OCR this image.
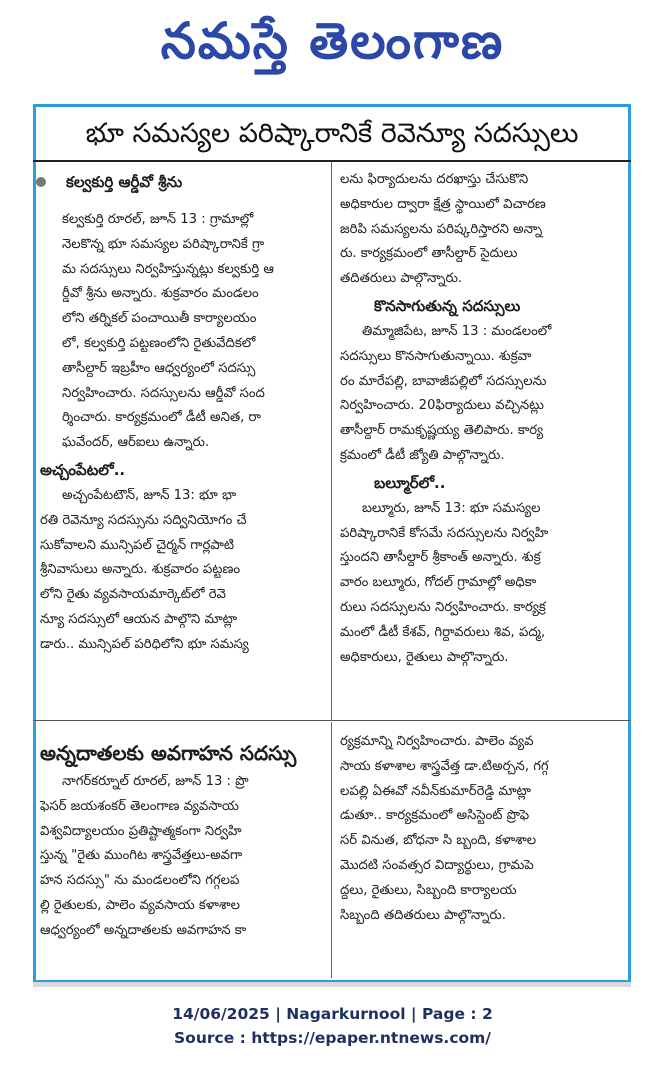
నమస్తే తెలంగాణ
భూ సమస్యల పరిష్కారానికే రెవెన్యూ సదస్సులు
కల్వకుర్తి ఆర్డీవో శ్రీను

కల్వకుర్తి రూరల్‌, జూన్‌ 13 : గ్రామాల్లో

నెలకొన్న భూ సమస్యల పరిష్కారానికే గ్రా

మ సదస్సులు నిర్వహిస్తున్నట్లు కల్వకుర్తి ఆ

ర్డీవో శ్రీను అన్నారు. శుక్రవారం మండలం

లోని తర్నికల్‌ పంచాయితీ కార్యాలయం

లో, కల్వకుర్తి పట్టణంలోని రైతువేదికలో

తాసీల్దార్‌ ఇబ్రహీం ఆధ్వర్యంలో సదస్సు

నిర్వహించారు. సదస్సులను ఆర్డీవో సంద

ర్శించారు. కార్యక్రమంలో డీటీ అనిత, రా

ఘవేందర్‌, ఆర్‌ఐలు ఉన్నారు.

అచ్చంపేటలో..

అచ్చంపేటటౌన్‌, జూన్‌ 13: భూ భా

రతి రెవెన్యూ సదస్సును సద్వినియోగం చే

సుకోవాలని మున్సిపల్‌ చైర్మన్‌ గార్లపాటి

శ్రీనివాసులు అన్నారు. శుక్రవారం పట్టణం

లోని రైతు వ్యవసాయమార్కెట్‌లో రెవె

న్యూ సదస్సులో ఆయన పాల్గొని మాట్లా

డారు.. మున్సిపల్‌ పరిధిలోని భూ సమస్య

లను ఫిర్యాదులను దరఖాస్తు చేసుకొని

అధికారుల ద్వారా క్షేత్ర స్థాయిలో విచారణ

జరిపి సమస్యలను పరిష్కరిస్తారని అన్నా

రు. కార్యక్రమంలో తాసీల్దార్‌ సైదులు

తదితరులు పాల్గొన్నారు.

కొనసాగుతున్న సదస్సులు

తిమ్మాజిపేట, జూన్‌ 13 : మండలంలో

సదస్సులు కొనసాగుతున్నాయి. శుక్రవా

రం మారేపల్లి, బావాజీపల్లిలో సదస్సులను

నిర్వహించారు. 20ఫిర్యాదులు వచ్చినట్లు

తాసీల్దార్‌ రామకృష్ణయ్య తెలిపారు. కార్య

క్రమంలో డీటీ జ్యోతి పాల్గొన్నారు.

బల్మూర్‌లో..

బల్మూరు, జూన్‌ 13: భూ సమస్యల

పరిష్కారానికే కోసమే సదస్సులను నిర్వహి

స్తుందని తాసీల్దార్‌ శ్రీకాంత్‌ అన్నారు. శుక్ర

వారం బల్మూరు, గోదల్‌ గ్రామాల్లో అధికా

రులు సదస్సులను నిర్వహించారు. కార్యక్ర

మంలో డీటీ కేశవ్‌, గిర్దావరులు శివ, పద్మ,

అధికారులు, రైతులు పాల్గొన్నారు.

అన్నదాతలకు అవగాహన సదస్సు

నాగర్‌కర్నూల్‌ రూరల్‌, జూన్‌ 13 : ప్రొ

ఫెసర్‌ జయశంకర్‌ తెలంగాణ వ్యవసాయ

విశ్వవిద్యాలయం ప్రతిష్టాత్మకంగా నిర్వహి

స్తున్న "రైతు ముంగిట శాస్త్రవేత్తలు-అవగా

హన సదస్సు" ను మండలంలోని గగ్గలప

ల్లి రైతులకు, పాలెం వ్యవసాయ కళాశాల

ఆధ్వర్యంలో అన్నదాతలకు అవగాహన కా

ర్యక్రమాన్ని నిర్వహించారు. పాలెం వ్యవ

సాయ కళాశాల శాస్త్రవేత్త డా.టిఅర్చన, గగ్గ

లపల్లి ఏఈవో నవీన్‌కుమార్‌రెడ్డి మాట్లా

డుతూ.. కార్యక్రమంలో అసిస్టెంట్‌ ప్రొఫె

సర్‌ వినుత, బోధనా సి బ్బంది, కళాశాల

మొదటి సంవత్సర విద్యార్థులు, గ్రామపె

ద్దలు, రైతులు, సిబ్బంది కార్యాలయ

సిబ్బంది తదితరులు పాల్గొన్నారు.

14/06/2025 | Nagarkurnool | Page : 2
Source : https://epaper.ntnews.com/
